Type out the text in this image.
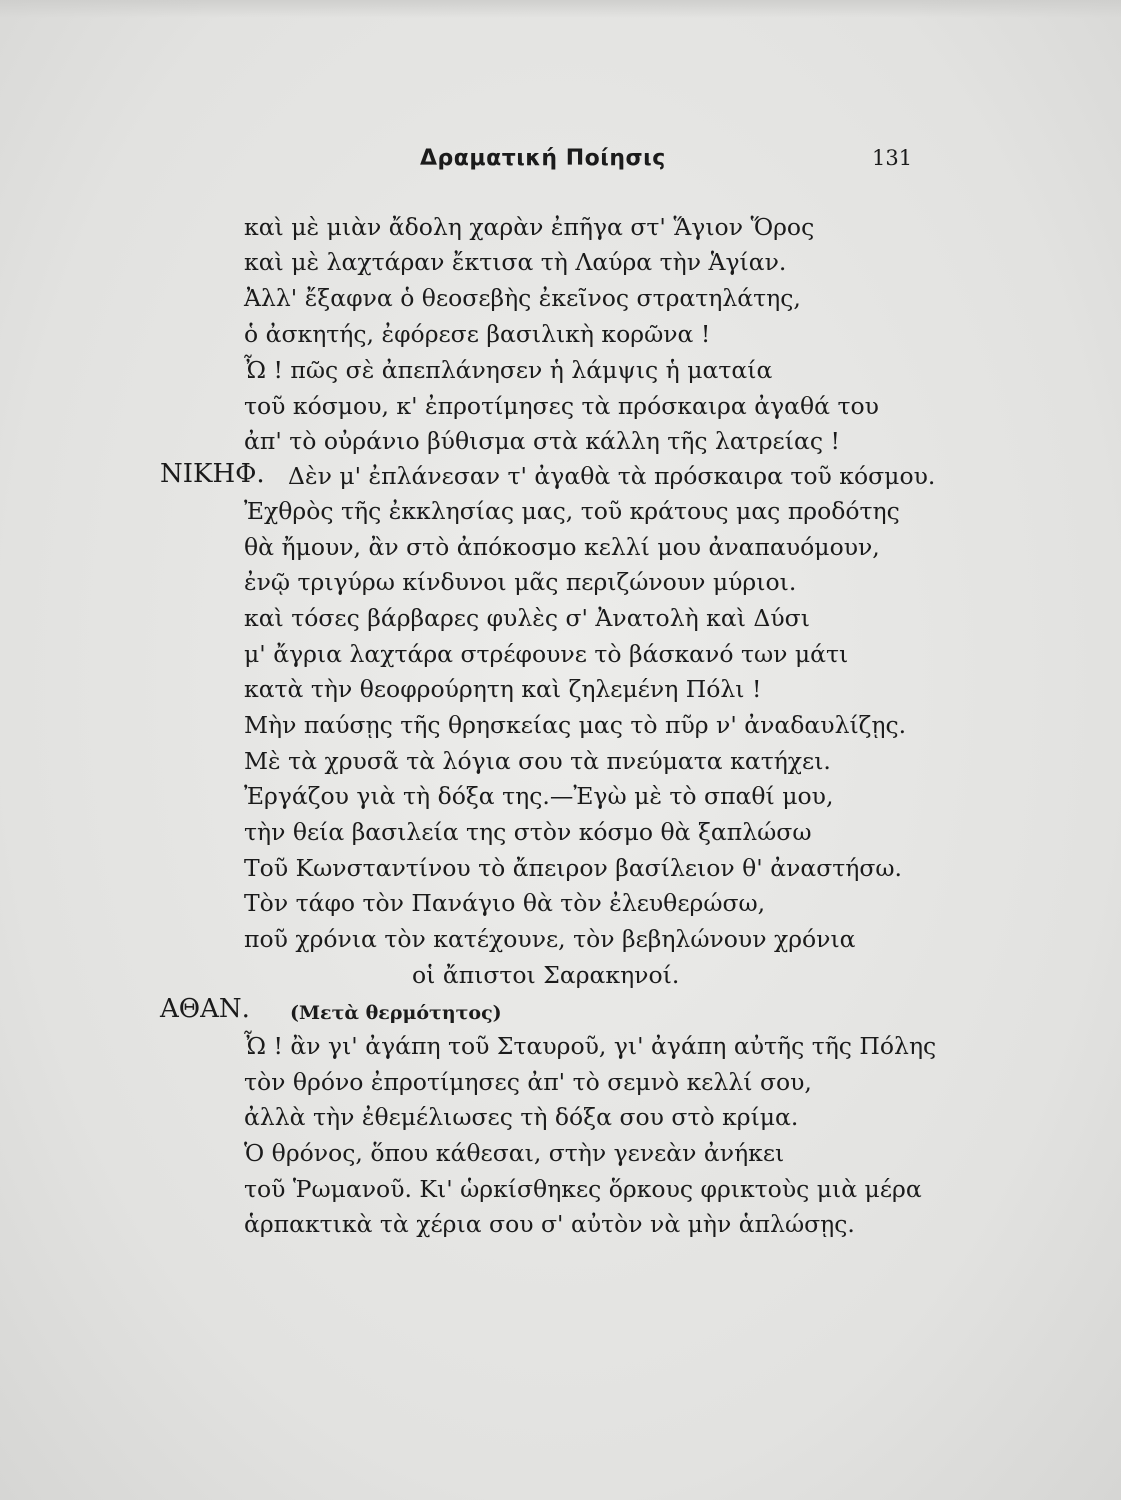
Δραματική Ποίησις	131
καὶ μὲ μιὰν ἄδολη χαρὰν ἐπῆγα στ' Ἅγιον Ὅρος
καὶ μὲ λαχτάραν ἔκτισα τὴ Λαύρα τὴν Ἁγίαν.
Ἀλλ' ἔξαφνα ὁ θεοσεβὴς ἐκεῖνος στρατηλάτης,
ὁ ἀσκητής, ἐφόρεσε βασιλικὴ κορῶνα !
Ὦ ! πῶς σὲ ἀπεπλάνησεν ἡ λάμψις ἡ ματαία
τοῦ κόσμου, κ' ἐπροτίμησες τὰ πρόσκαιρα ἀγαθά του
ἀπ' τὸ οὐράνιο βύθισμα στὰ κάλλη τῆς λατρείας !
ΝΙΚΗΦ. Δὲν μ' ἐπλάνεσαν τ' ἀγαθὰ τὰ πρόσκαιρα τοῦ κόσμου.
Ἐχθρὸς τῆς ἐκκλησίας μας, τοῦ κράτους μας προδότης
θὰ ἤμουν, ἂν στὸ ἀπόκοσμο κελλί μου ἀναπαυόμουν,
ἐνῷ τριγύρω κίνδυνοι μᾶς περιζώνουν μύριοι.
καὶ τόσες βάρβαρες φυλὲς σ' Ἀνατολὴ καὶ Δύσι
μ' ἄγρια λαχτάρα στρέφουνε τὸ βάσκανό των μάτι
κατὰ τὴν θεοφρούρητη καὶ ζηλεμένη Πόλι !
Μὴν παύσῃς τῆς θρησκείας μας τὸ πῦρ ν' ἀναδαυλίζῃς.
Μὲ τὰ χρυσᾶ τὰ λόγια σου τὰ πνεύματα κατήχει.
Ἐργάζου γιὰ τὴ δόξα της.—Ἐγὼ μὲ τὸ σπαθί μου,
τὴν θεία βασιλεία της στὸν κόσμο θὰ ξαπλώσω
Τοῦ Κωνσταντίνου τὸ ἄπειρον βασίλειον θ' ἀναστήσω.
Τὸν τάφο τὸν Πανάγιο θὰ τὸν ἐλευθερώσω,
ποῦ χρόνια τὸν κατέχουνε, τὸν βεβηλώνουν χρόνια
οἱ ἄπιστοι Σαρακηνοί.
ΑΘΑΝ. (Μετὰ θερμότητος)
Ὦ ! ἂν γι' ἀγάπη τοῦ Σταυροῦ, γι' ἀγάπη αὐτῆς τῆς Πόλης
τὸν θρόνο ἐπροτίμησες ἀπ' τὸ σεμνὸ κελλί σου,
ἀλλὰ τὴν ἐθεμέλιωσες τὴ δόξα σου στὸ κρίμα.
Ὁ θρόνος, ὅπου κάθεσαι, στὴν γενεὰν ἀνήκει
τοῦ Ῥωμανοῦ. Κι' ὡρκίσθηκες ὅρκους φρικτοὺς μιὰ μέρα
ἁρπακτικὰ τὰ χέρια σου σ' αὐτὸν νὰ μὴν ἁπλώσῃς.
